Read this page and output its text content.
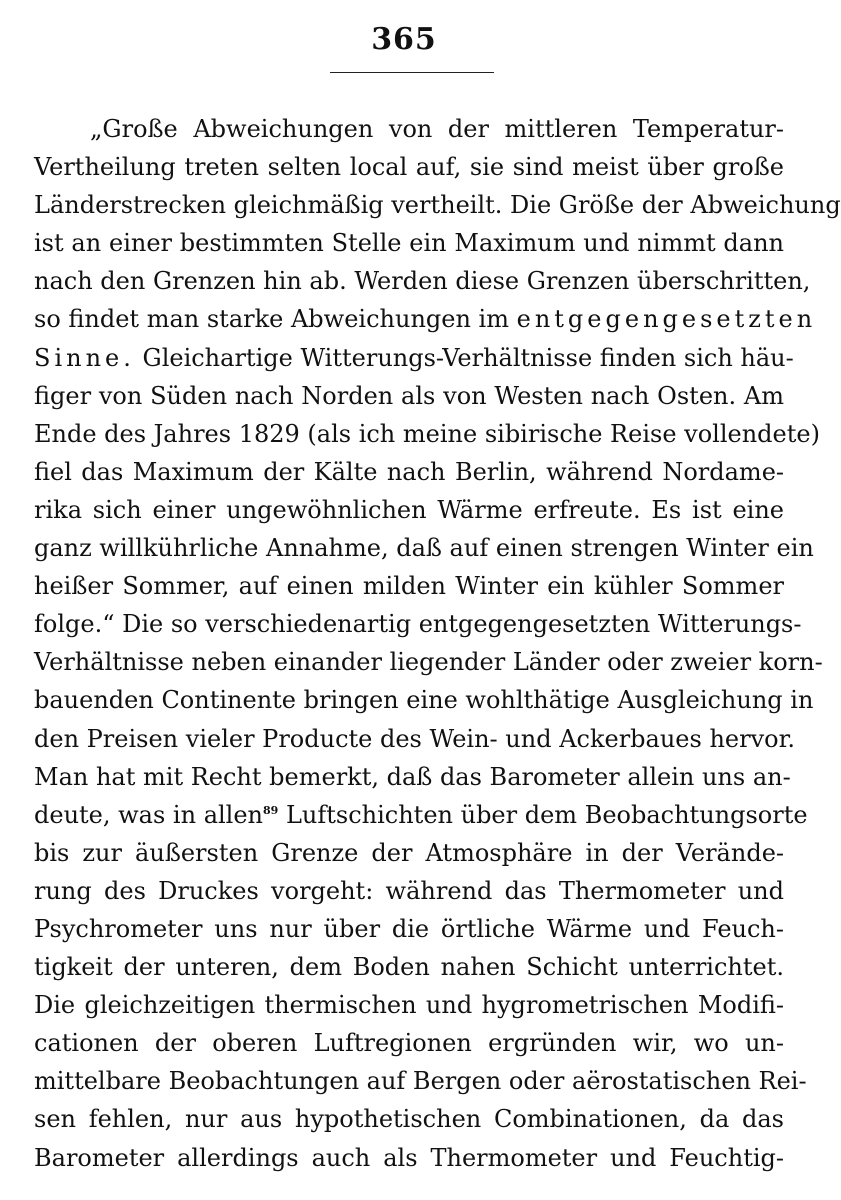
365
„Große Abweichungen von der mittleren Temperatur-
Vertheilung treten selten local auf, sie sind meist über große
Länderstrecken gleichmäßig vertheilt. Die Größe der Abweichung
ist an einer bestimmten Stelle ein Maximum und nimmt dann
nach den Grenzen hin ab. Werden diese Grenzen überschritten,
so findet man starke Abweichungen im entgegengesetzten
Sinne. Gleichartige Witterungs-Verhältnisse finden sich häu-
figer von Süden nach Norden als von Westen nach Osten. Am
Ende des Jahres 1829 (als ich meine sibirische Reise vollendete)
fiel das Maximum der Kälte nach Berlin, während Nordame-
rika sich einer ungewöhnlichen Wärme erfreute. Es ist eine
ganz willkührliche Annahme, daß auf einen strengen Winter ein
heißer Sommer, auf einen milden Winter ein kühler Sommer
folge.“ Die so verschiedenartig entgegengesetzten Witterungs-
Verhältnisse neben einander liegender Länder oder zweier korn-
bauenden Continente bringen eine wohlthätige Ausgleichung in
den Preisen vieler Producte des Wein- und Ackerbaues hervor.
Man hat mit Recht bemerkt, daß das Barometer allein uns an-
deute, was in allen$^{89}$ Luftschichten über dem Beobachtungsorte
bis zur äußersten Grenze der Atmosphäre in der Verände-
rung des Druckes vorgeht: während das Thermometer und
Psychrometer uns nur über die örtliche Wärme und Feuch-
tigkeit der unteren, dem Boden nahen Schicht unterrichtet.
Die gleichzeitigen thermischen und hygrometrischen Modifi-
cationen der oberen Luftregionen ergründen wir, wo un-
mittelbare Beobachtungen auf Bergen oder aërostatischen Rei-
sen fehlen, nur aus hypothetischen Combinationen, da das
Barometer allerdings auch als Thermometer und Feuchtig-
